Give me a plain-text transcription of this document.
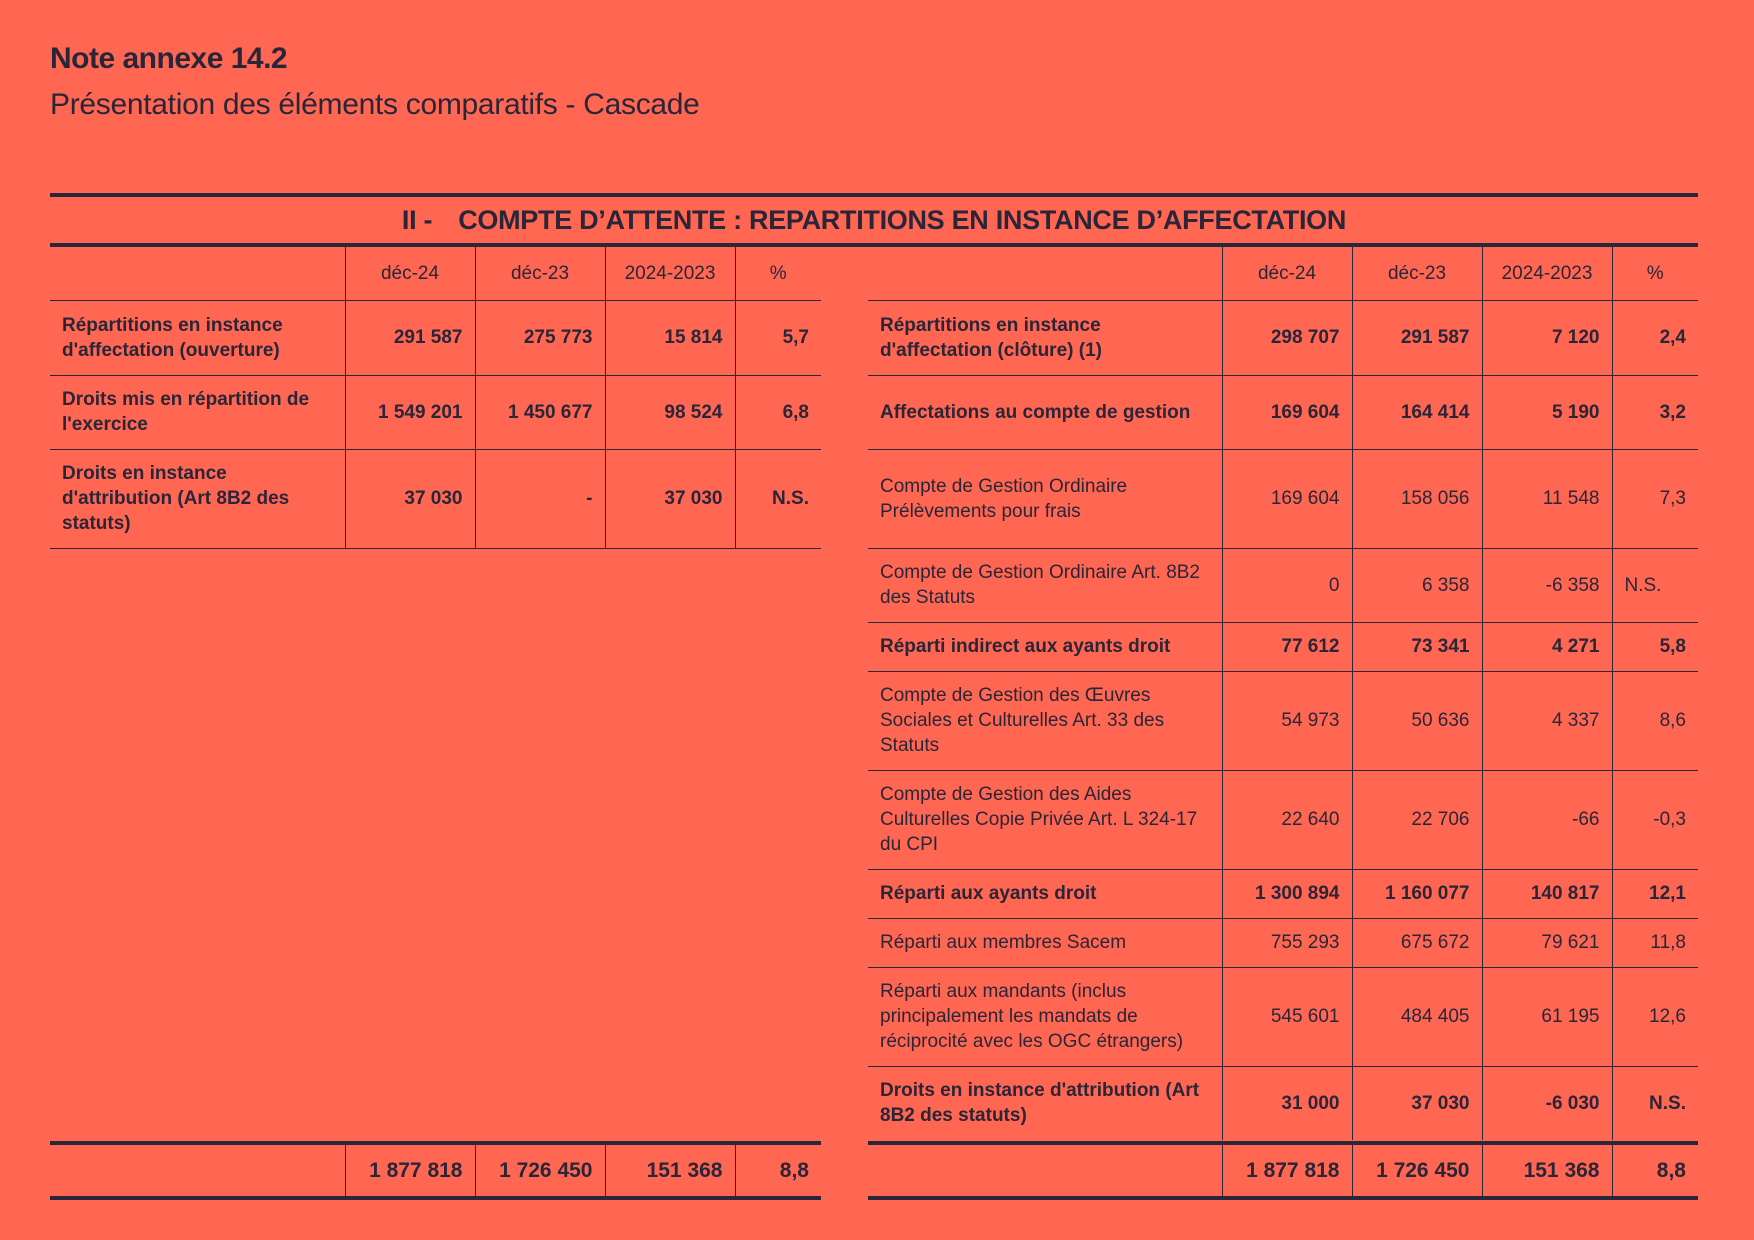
Note annexe 14.2
Présentation des éléments comparatifs - Cascade
II - COMPTE D’ATTENTE : REPARTITIONS EN INSTANCE D’AFFECTATION
	déc-24	déc-23	2024-2023	%
Répartitions en instance d'affectation (ouverture)	291 587	275 773	15 814	5,7
Droits mis en répartition de l'exercice	1 549 201	1 450 677	98 524	6,8
Droits en instance d'attribution (Art 8B2 des statuts)	37 030	-	37 030	N.S.
	déc-24	déc-23	2024-2023	%
Répartitions en instance d'affectation (clôture) (1)	298 707	291 587	7 120	2,4
Affectations au compte de gestion	169 604	164 414	5 190	3,2
Compte de Gestion Ordinaire Prélèvements pour frais	169 604	158 056	11 548	7,3
Compte de Gestion Ordinaire Art. 8B2 des Statuts	0	6 358	-6 358	N.S.
Réparti indirect aux ayants droit	77 612	73 341	4 271	5,8
Compte de Gestion des Œuvres Sociales et Culturelles Art. 33 des Statuts	54 973	50 636	4 337	8,6
Compte de Gestion des Aides Culturelles Copie Privée Art. L 324-17 du CPI	22 640	22 706	-66	-0,3
Réparti aux ayants droit	1 300 894	1 160 077	140 817	12,1
Réparti aux membres Sacem	755 293	675 672	79 621	11,8
Réparti aux mandants (inclus principalement les mandats de réciprocité avec les OGC étrangers)	545 601	484 405	61 195	12,6
Droits en instance d'attribution (Art 8B2 des statuts)	31 000	37 030	-6 030	N.S.
	1 877 818	1 726 450	151 368	8,8
		1 877 818	1 726 450	151 368	8,8
